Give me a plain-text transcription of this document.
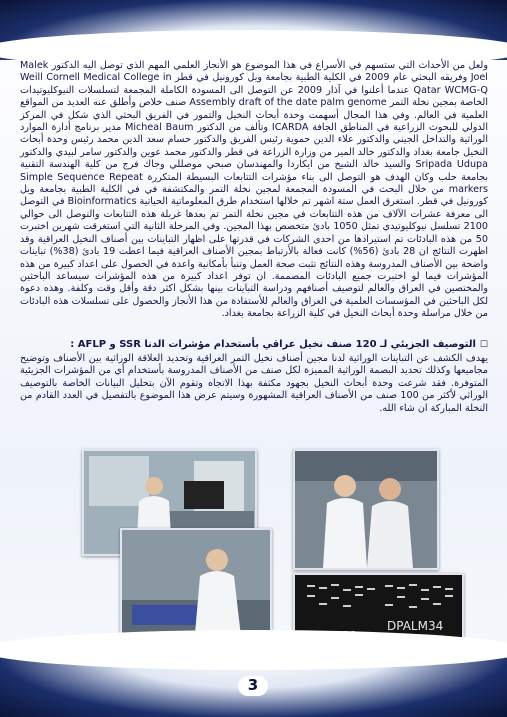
ولعل من الأحداث التي ستسهم في الأسراع في هذا الموضوع هو الأنجاز العلمي المهم الذي توصل اليه الدكتور Malek Joel وفريقه البحثي عام 2009 في الكلية الطبية بجامعة ويل كورونيل في قطر Weill Cornell Medical College in Qatar WCMG-Q عندما أعلنوا في آذار 2009 عن التوصل الى المسودة الكاملة المجمعة لتسلسلات النيوكليوتيدات الخاصة بمجين نخلة التمر Assembly draft of the date palm genome صنف خلاص وأطلق عنه العديد من المواقع العلمية في العالم. وفي هذا المجال أسهمت وحدة أبحاث النخيل والتمور في الفريق البحثي الذي شكل في المركز الدولي للبحوث الزراعية في المناطق الجافة ICARDA وتألف من الدكتور Micheal Baum مدير برنامج أدارة الموارد الوراثية والتداخل الجيني والدكتور علاء الدين حموية رئيس الفريق والدكتور حسام سعد الدين محمد رئيس وحدة أبحاث النخيل جامعة بغداد والدكتور خالد المير من وزارة الزراعة في قطر والدكتور محمد عوين والدكتور سامر لبيدي والدكتور Sripada Udupa والسيد خالد الشيخ من ايكاردا والمهندسان صبحي موصللي وجاك فرج من كلية الهندسة التقنية بجامعة حلب وكان الهدف هو التوصل الى بناء مؤشرات التتابعات البسيطة المتكررة Simple Sequence Repeat markers من خلال البحث في المسودة المجمعة لمجين نخلة التمر والمكتشفة في في الكلية الطبية بجامعة ويل كورونيل في قطر. استغرق العمل ستة اشهر تم خلالها استخدام طرق المعلوماتية الحياتية Bioinformatics في التوصل الى معرفة عشرات الآلاف من هذه التتابعات في مجين نخلة التمر تم بعدها غربلة هذه التتابعات والتوصل الى حوالي 2100 تسلسل نيوكليوتيدي تمثل 1050 بادئ متخصص بهذا المجين. وفي المرحلة الثانية التي استغرقت شهرين اختبرت 50 من هذه البادئات تم استيرادها من احدى الشركات في قدرتها على اظهار التباينات بين أصناف النخيل العراقية وقد اظهرت النتائج ان 28 بادئ (56%) كانت فعالة بالأرتباط بمجين الأصناف العراقية فيما اعطت 19 بادئ (38%) تباينات واضحة بين الأصناف المدروسة وهذه النتائج تثبت صحة العمل وتنبأ بأمكانية واعدة في الحصول على اعداد كبيرة من هذه المؤشرات فيما لو اختبرت جميع البادئات المصممة. ان توفر اعداد كبيرة من هذه المؤشرات سيساعد الباحثين والمختصين في العراق والعالم لتوصيف أصنافهم ودراسة التباينات بينها بشكل اكثر دقة وأقل وقت وكلفة. وهذه دعوة لكل الباحثين في المؤسسات العلمية في العراق والعالم للأستفادة من هذا الأنجاز والحصول على تسلسلات هذه البادئات من خلال مراسلة وحدة أبحاث النخيل في كلية الزراعة بجامعة بغداد.

☐التوصيف الجزيئي لـ 120 صنف نخيل عراقي بأستخدام مؤشرات الدنا SSR و AFLP :
يهدف الكشف عن التباينات الوراثية لدنا مجين أصناف نخيل التمر العراقية وتحديد العلاقة الوراثية بين الأصناف وتوضيح مجاميعها وكذلك تحديد البصمة الوراثية المميزة لكل صنف من الأصناف المدروسة بأستخدام أي من المؤشرات الجزيئية المتوفرة. فقد شرعت وحدة أبحاث النخيل بجهود مكثفة بهذا الاتجاه وتقوم الآن بتحليل البيانات الخاصة بالتوصيف الوراثي لأكثر من 100 صنف من الأصناف العراقية المشهورة وسيتم عرض هذا الموضوع بالتفصيل في العدد القادم من النخلة المباركة ان شاء الله.
DPALM34
3
